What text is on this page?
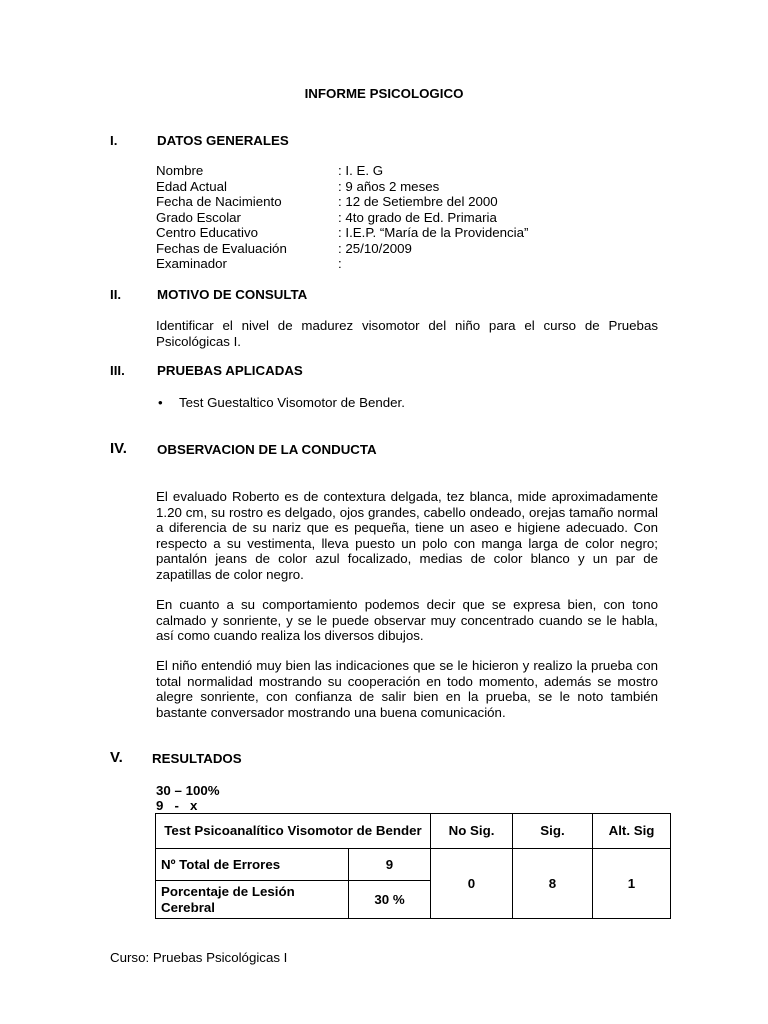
INFORME PSICOLOGICO
I.	DATOS GENERALES
Nombre	: I. E. G
Edad Actual	: 9 años 2 meses
Fecha de Nacimiento	: 12 de Setiembre del 2000
Grado Escolar	: 4to grado de Ed. Primaria
Centro Educativo	: I.E.P. “María de la Providencia”
Fechas de Evaluación	: 25/10/2009
Examinador	:
II.	MOTIVO DE CONSULTA
Identificar el nivel de madurez visomotor del niño para el curso de Pruebas Psicológicas I.
III. PRUEBAS APLICADAS
• Test Guestaltico Visomotor de Bender.
IV. OBSERVACION DE LA CONDUCTA
El evaluado Roberto es de contextura delgada, tez blanca, mide aproximadamente 1.20 cm, su rostro es delgado, ojos grandes, cabello ondeado, orejas tamaño normal a diferencia de su nariz que es pequeña, tiene un aseo e higiene adecuado. Con respecto a su vestimenta, lleva puesto un polo con manga larga de color negro; pantalón jeans de color azul focalizado, medias de color blanco y un par de zapatillas de color negro.
En cuanto a su comportamiento podemos decir que se expresa bien, con tono calmado y sonriente, y se le puede observar muy concentrado cuando se le habla, así como cuando realiza los diversos dibujos.
El niño entendió muy bien las indicaciones que se le hicieron y realizo la prueba con total normalidad mostrando su cooperación en todo momento, además se mostro alegre sonriente, con confianza de salir bien en la prueba, se le noto también bastante conversador mostrando una buena comunicación.
V. RESULTADOS
30 – 100%
9   -   x
Test Psicoanalítico Visomotor de Bender		No Sig.	Sig.	Alt. Sig
Nº Total de Errores	9	0	8	1
Porcentaje de Lesión Cerebral	30 %			
Curso: Pruebas Psicológicas I
